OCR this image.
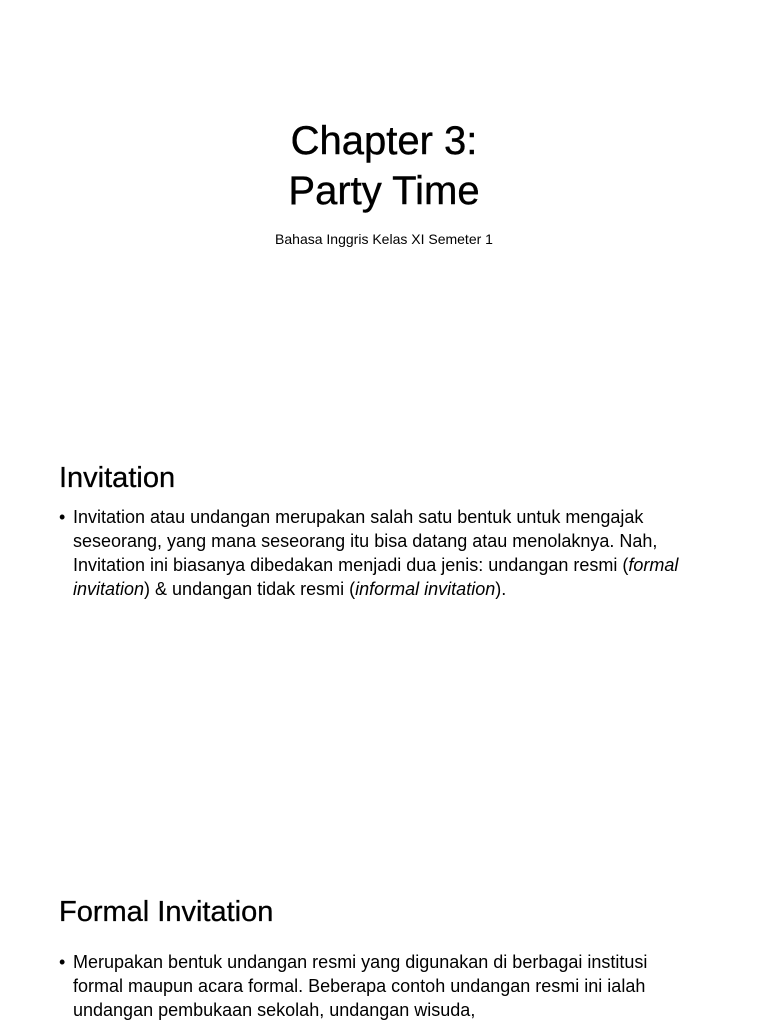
Chapter 3:
Party Time

Bahasa Inggris Kelas XI Semeter 1

Invitation
• Invitation atau undangan merupakan salah satu bentuk untuk mengajak seseorang, yang mana seseorang itu bisa datang atau menolaknya. Nah, Invitation ini biasanya dibedakan menjadi dua jenis: undangan resmi (formal invitation) & undangan tidak resmi (informal invitation).
Formal Invitation
• Merupakan bentuk undangan resmi yang digunakan di berbagai institusi formal maupun acara formal. Beberapa contoh undangan resmi ini ialah undangan pembukaan sekolah, undangan wisuda,
